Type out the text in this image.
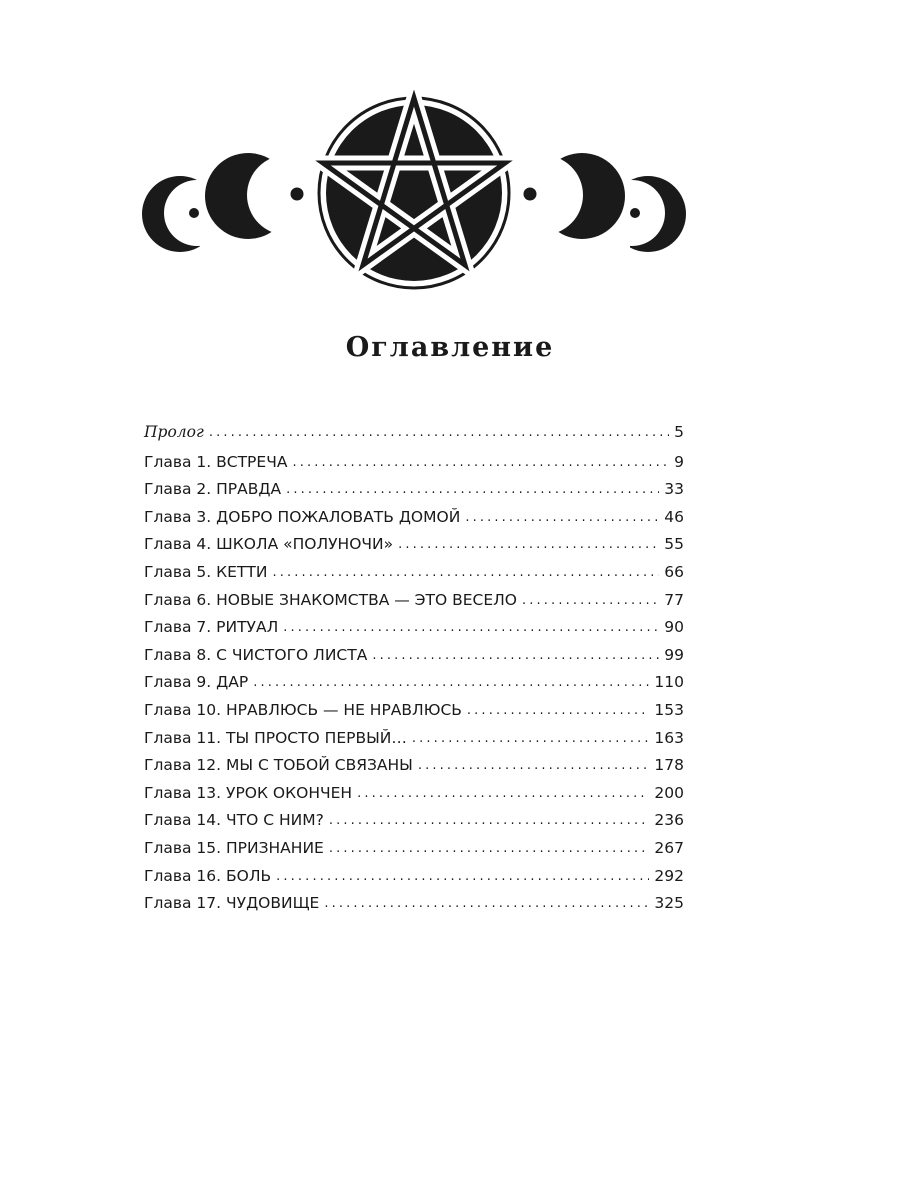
Оглавление
Пролог . . .	5
Глава 1. ВСТРЕЧА . . .	9
Глава 2. ПРАВДА . . .	33
Глава 3. ДОБРО ПОЖАЛОВАТЬ ДОМОЙ . . .	46
Глава 4. ШКОЛА «ПОЛУНОЧИ» . . .	55
Глава 5. КЕТТИ . . .	66
Глава 6. НОВЫЕ ЗНАКОМСТВА — ЭТО ВЕСЕЛО . . .	77
Глава 7. РИТУАЛ . . .	90
Глава 8. С ЧИСТОГО ЛИСТА . . .	99
Глава 9. ДАР . . .	110
Глава 10. НРАВЛЮСЬ — НЕ НРАВЛЮСЬ . . .	153
Глава 11. ТЫ ПРОСТО ПЕРВЫЙ… . . .	163
Глава 12. МЫ С ТОБОЙ СВЯЗАНЫ . . .	178
Глава 13. УРОК ОКОНЧЕН . . .	200
Глава 14. ЧТО С НИМ? . . .	236
Глава 15. ПРИЗНАНИЕ . . .	267
Глава 16. БОЛЬ . . .	292
Глава 17. ЧУДОВИЩЕ . . .	325
